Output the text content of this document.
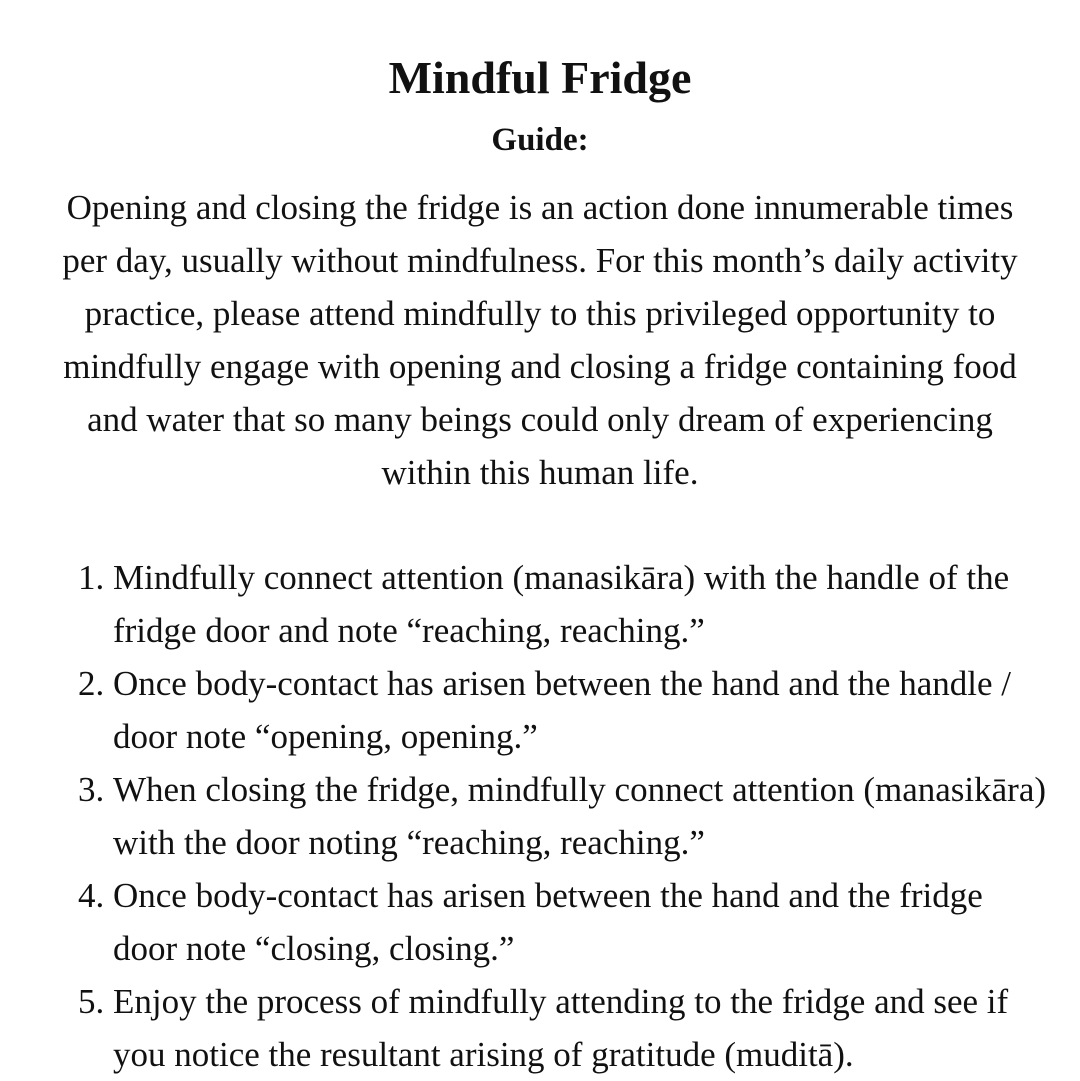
Mindful Fridge
Guide:

Opening and closing the fridge is an action done innumerable times per day, usually without mindfulness. For this month’s daily activity practice, please attend mindfully to this privileged opportunity to mindfully engage with opening and closing a fridge containing food and water that so many beings could only dream of experiencing within this human life.

1. Mindfully connect attention (manasikāra) with the handle of the fridge door and note “reaching, reaching.”
2. Once body-contact has arisen between the hand and the handle / door note “opening, opening.”
3. When closing the fridge, mindfully connect attention (manasikāra) with the door noting “reaching, reaching.”
4. Once body-contact has arisen between the hand and the fridge door note “closing, closing.”
5. Enjoy the process of mindfully attending to the fridge and see if you notice the resultant arising of gratitude (muditā).
